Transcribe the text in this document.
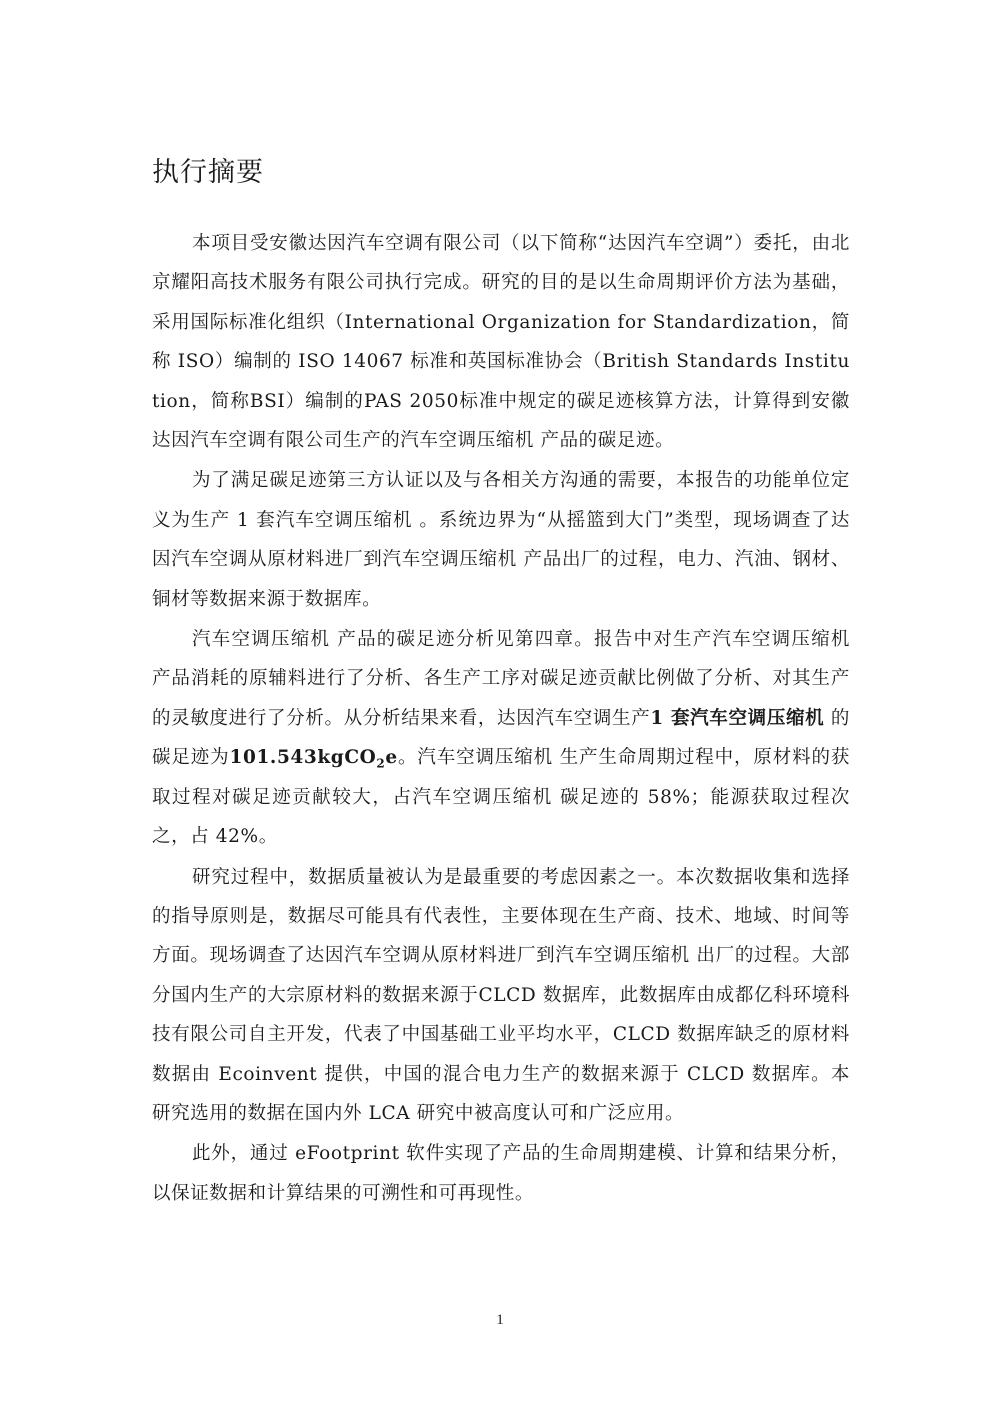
执行摘要

本项目受安徽达因汽车空调有限公司（以下简称“达因汽车空调”）委托，由北京耀阳高技术服务有限公司执行完成。研究的目的是以生命周期评价方法为基础，采用国际标准化组织（International Organization for Standardization，简称 ISO）编制的 ISO 14067 标准和英国标准协会（British Standards Institution，简称BSI）编制的PAS 2050标准中规定的碳足迹核算方法，计算得到安徽达因汽车空调有限公司生产的汽车空调压缩机 产品的碳足迹。

为了满足碳足迹第三方认证以及与各相关方沟通的需要，本报告的功能单位定义为生产 1 套汽车空调压缩机 。系统边界为“从摇篮到大门”类型，现场调查了达因汽车空调从原材料进厂到汽车空调压缩机 产品出厂的过程，电力、汽油、钢材、铜材等数据来源于数据库。

汽车空调压缩机 产品的碳足迹分析见第四章。报告中对生产汽车空调压缩机 产品消耗的原辅料进行了分析、各生产工序对碳足迹贡献比例做了分析、对其生产的灵敏度进行了分析。从分析结果来看，达因汽车空调生产1 套汽车空调压缩机 的碳足迹为101.543kgCO$_2$e。汽车空调压缩机 生产生命周期过程中，原材料的获取过程对碳足迹贡献较大，占汽车空调压缩机 碳足迹的 58%；能源获取过程次之，占 42%。

研究过程中，数据质量被认为是最重要的考虑因素之一。本次数据收集和选择的指导原则是，数据尽可能具有代表性，主要体现在生产商、技术、地域、时间等方面。现场调查了达因汽车空调从原材料进厂到汽车空调压缩机 出厂的过程。大部分国内生产的大宗原材料的数据来源于CLCD 数据库，此数据库由成都亿科环境科技有限公司自主开发，代表了中国基础工业平均水平，CLCD 数据库缺乏的原材料数据由 Ecoinvent 提供，中国的混合电力生产的数据来源于 CLCD 数据库。本研究选用的数据在国内外 LCA 研究中被高度认可和广泛应用。

此外，通过 eFootprint 软件实现了产品的生命周期建模、计算和结果分析，以保证数据和计算结果的可溯性和可再现性。

1
